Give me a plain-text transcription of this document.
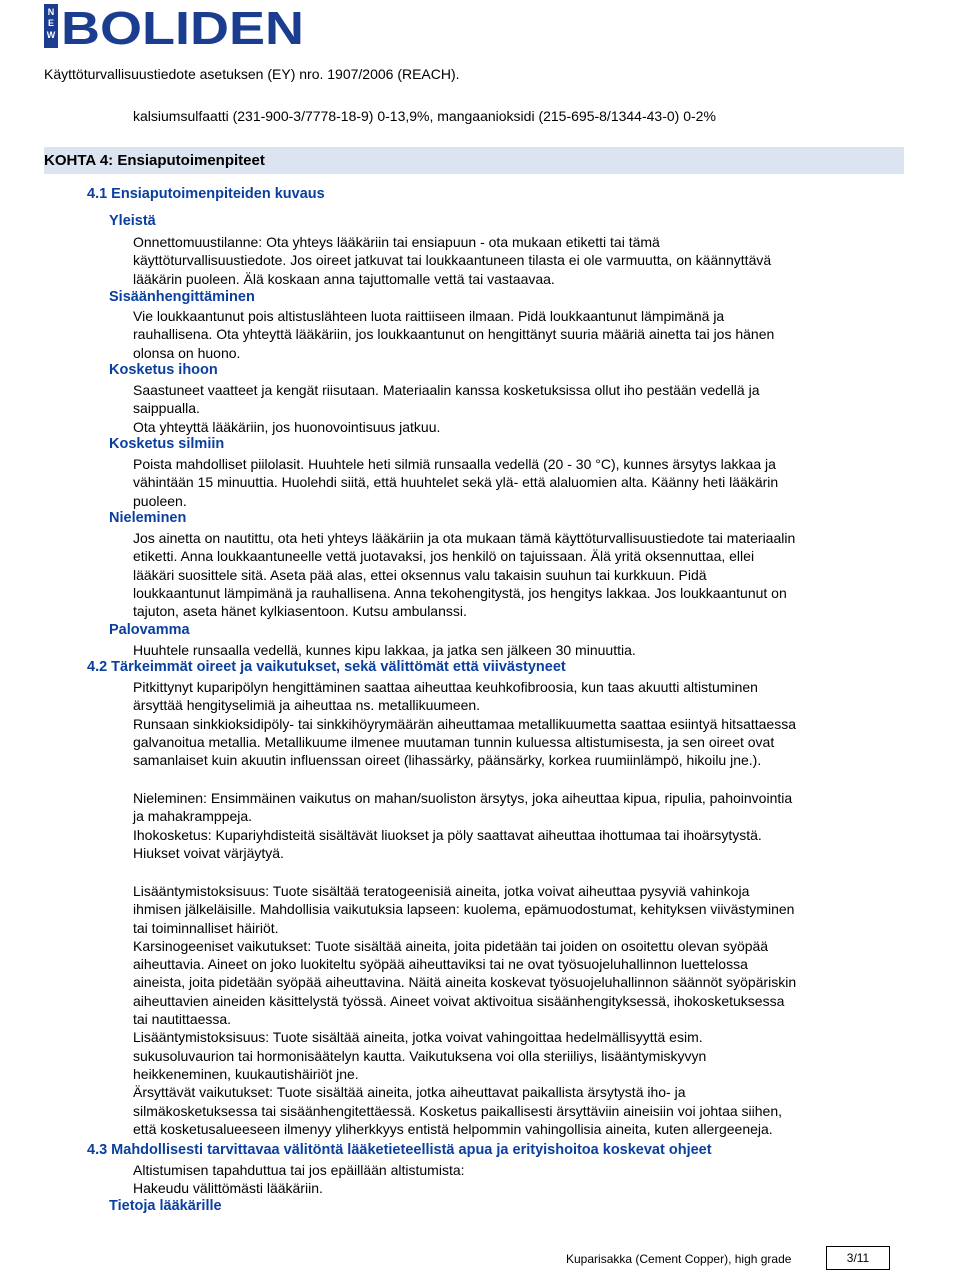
N
E
W BOLIDEN
Käyttöturvallisuustiedote asetuksen (EY) nro. 1907/2006 (REACH).
kalsiumsulfaatti (231-900-3/7778-18-9) 0-13,9%, mangaanioksidi (215-695-8/1344-43-0) 0-2%
KOHTA 4: Ensiaputoimenpiteet
4.1 Ensiaputoimenpiteiden kuvaus
Yleistä

Onnettomuustilanne: Ota yhteys lääkäriin tai ensiapuun - ota mukaan etiketti tai tämä

käyttöturvallisuustiedote. Jos oireet jatkuvat tai loukkaantuneen tilasta ei ole varmuutta, on käännyttävä

lääkärin puoleen. Älä koskaan anna tajuttomalle vettä tai vastaavaa.

Sisäänhengittäminen

Vie loukkaantunut pois altistuslähteen luota raittiiseen ilmaan. Pidä loukkaantunut lämpimänä ja

rauhallisena. Ota yhteyttä lääkäriin, jos loukkaantunut on hengittänyt suuria määriä ainetta tai jos hänen

olonsa on huono.

Kosketus ihoon

Saastuneet vaatteet ja kengät riisutaan. Materiaalin kanssa kosketuksissa ollut iho pestään vedellä ja

saippualla.

Ota yhteyttä lääkäriin, jos huonovointisuus jatkuu.

Kosketus silmiin

Poista mahdolliset piilolasit. Huuhtele heti silmiä runsaalla vedellä (20 - 30 °C), kunnes ärsytys lakkaa ja

vähintään 15 minuuttia. Huolehdi siitä, että huuhtelet sekä ylä- että alaluomien alta. Käänny heti lääkärin

puoleen.

Nieleminen

Jos ainetta on nautittu, ota heti yhteys lääkäriin ja ota mukaan tämä käyttöturvallisuustiedote tai materiaalin

etiketti. Anna loukkaantuneelle vettä juotavaksi, jos henkilö on tajuissaan. Älä yritä oksennuttaa, ellei

lääkäri suosittele sitä. Aseta pää alas, ettei oksennus valu takaisin suuhun tai kurkkuun. Pidä

loukkaantunut lämpimänä ja rauhallisena. Anna tekohengitystä, jos hengitys lakkaa. Jos loukkaantunut on

tajuton, aseta hänet kylkiasentoon. Kutsu ambulanssi.

Palovamma

Huuhtele runsaalla vedellä, kunnes kipu lakkaa, ja jatka sen jälkeen 30 minuuttia.

4.2 Tärkeimmät oireet ja vaikutukset, sekä välittömät että viivästyneet

Pitkittynyt kuparipölyn hengittäminen saattaa aiheuttaa keuhkofibroosia, kun taas akuutti altistuminen

ärsyttää hengityselimiä ja aiheuttaa ns. metallikuumeen.

Runsaan sinkkioksidipöly- tai sinkkihöyrymäärän aiheuttamaa metallikuumetta saattaa esiintyä hitsattaessa

galvanoitua metallia. Metallikuume ilmenee muutaman tunnin kuluessa altistumisesta, ja sen oireet ovat

samanlaiset kuin akuutin influenssan oireet (lihassärky, päänsärky, korkea ruumiinlämpö, hikoilu jne.).

Nieleminen: Ensimmäinen vaikutus on mahan/suoliston ärsytys, joka aiheuttaa kipua, ripulia, pahoinvointia

ja mahakramppeja.

Ihokosketus: Kupariyhdisteitä sisältävät liuokset ja pöly saattavat aiheuttaa ihottumaa tai ihoärsytystä.

Hiukset voivat värjäytyä.

Lisääntymistoksisuus: Tuote sisältää teratogeenisiä aineita, jotka voivat aiheuttaa pysyviä vahinkoja

ihmisen jälkeläisille. Mahdollisia vaikutuksia lapseen: kuolema, epämuodostumat, kehityksen viivästyminen

tai toiminnalliset häiriöt.

Karsinogeeniset vaikutukset: Tuote sisältää aineita, joita pidetään tai joiden on osoitettu olevan syöpää

aiheuttavia. Aineet on joko luokiteltu syöpää aiheuttaviksi tai ne ovat työsuojeluhallinnon luettelossa

aineista, joita pidetään syöpää aiheuttavina. Näitä aineita koskevat työsuojeluhallinnon säännöt syöpäriskin

aiheuttavien aineiden käsittelystä työssä. Aineet voivat aktivoitua sisäänhengityksessä, ihokosketuksessa

tai nautittaessa.

Lisääntymistoksisuus: Tuote sisältää aineita, jotka voivat vahingoittaa hedelmällisyyttä esim.

sukusoluvaurion tai hormonisäätelyn kautta. Vaikutuksena voi olla steriiliys, lisääntymiskyvyn

heikkeneminen, kuukautishäiriöt jne.

Ärsyttävät vaikutukset: Tuote sisältää aineita, jotka aiheuttavat paikallista ärsytystä iho- ja

silmäkosketuksessa tai sisäänhengitettäessä. Kosketus paikallisesti ärsyttäviin aineisiin voi johtaa siihen,

että kosketusalueeseen ilmenyy yliherkkyys entistä helpommin vahingollisia aineita, kuten allergeeneja.

4.3 Mahdollisesti tarvittavaa välitöntä lääketieteellistä apua ja erityishoitoa koskevat ohjeet

Altistumisen tapahduttua tai jos epäillään altistumista:

Hakeudu välittömästi lääkäriin.

Tietoja lääkärille
Kuparisakka (Cement Copper), high grade	3/11
